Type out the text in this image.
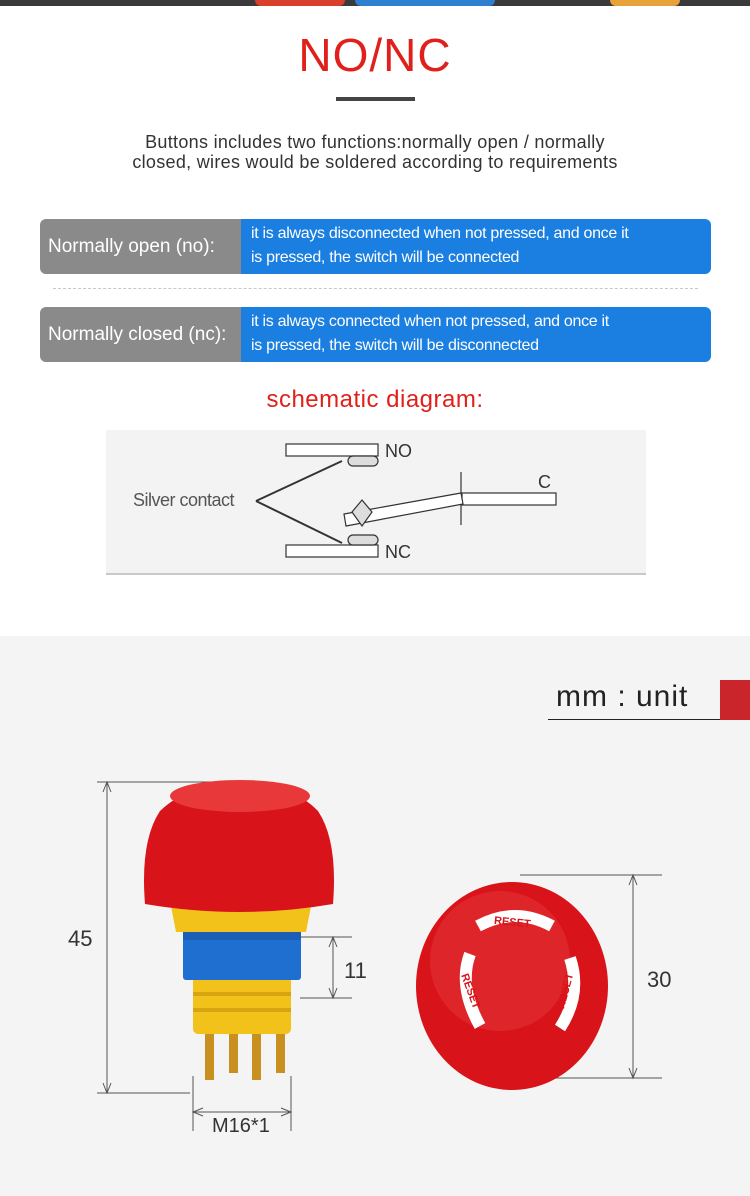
NO/NC
Buttons includes two functions:normally open / normally
closed, wires would be soldered according to requirements
Normally open (no):
it is always disconnected when not pressed, and once it
is pressed, the switch will be connected
Normally closed (nc):
it is always connected when not pressed, and once it
is pressed, the switch will be disconnected
schematic diagram:
NO
NC
C
Silver contact
mm : unit
RESET
RESET	RESET
45
11
M16*1
30
